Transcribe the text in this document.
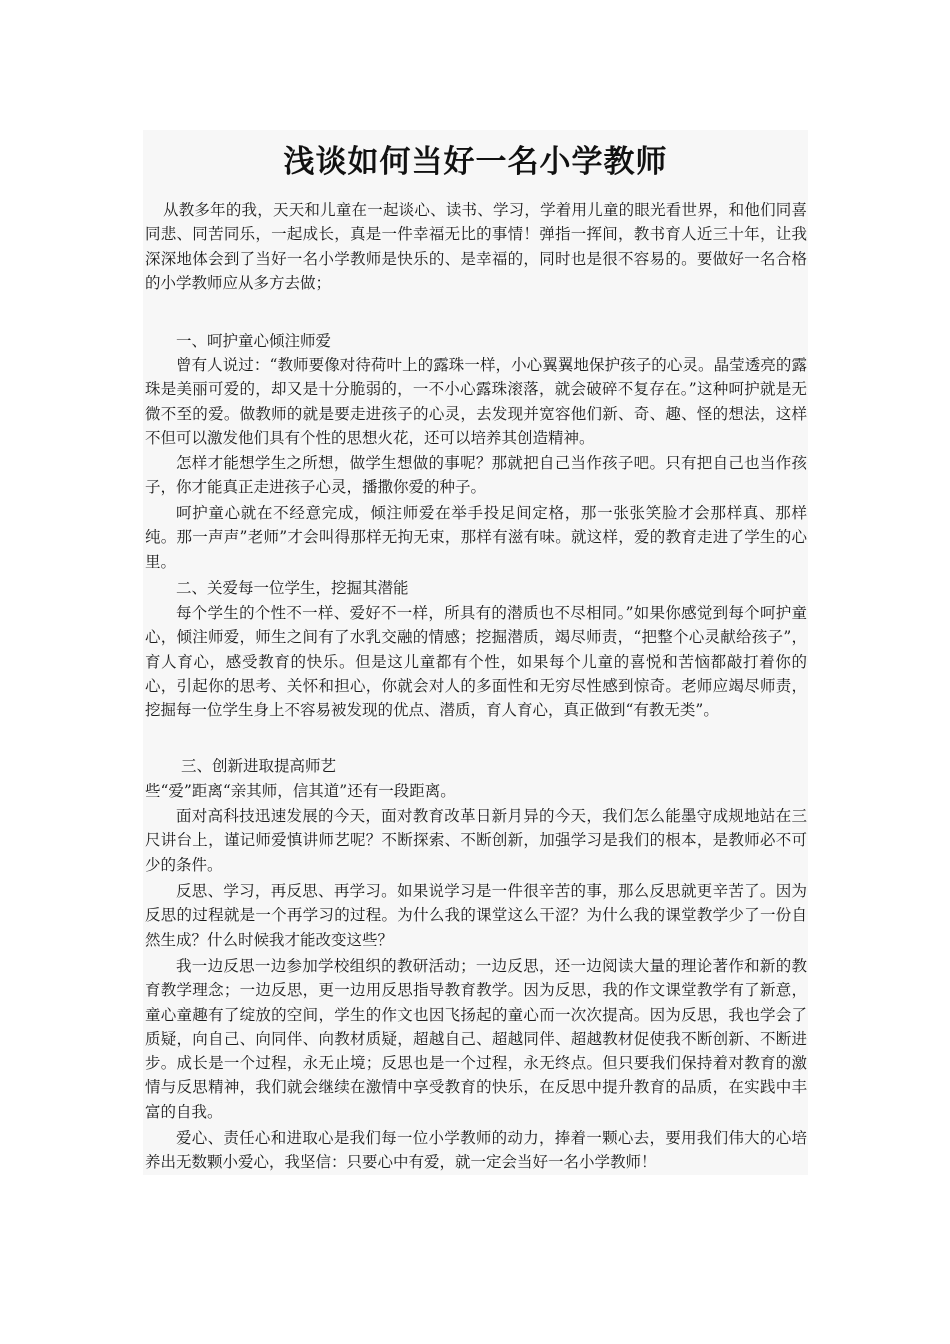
浅谈如何当好一名小学教师

从教多年的我，天天和儿童在一起谈心、读书、学习，学着用儿童的眼光看世界，和他们同喜同悲、同苦同乐，一起成长，真是一件幸福无比的事情！弹指一挥间，教书育人近三十年，让我深深地体会到了当好一名小学教师是快乐的、是幸福的，同时也是很不容易的。要做好一名合格的小学教师应从多方去做；

一、呵护童心倾注师爱

曾有人说过：“教师要像对待荷叶上的露珠一样，小心翼翼地保护孩子的心灵。晶莹透亮的露珠是美丽可爱的，却又是十分脆弱的，一不小心露珠滚落，就会破碎不复存在。”这种呵护就是无微不至的爱。做教师的就是要走进孩子的心灵，去发现并宽容他们新、奇、趣、怪的想法，这样不但可以激发他们具有个性的思想火花，还可以培养其创造精神。

怎样才能想学生之所想，做学生想做的事呢？那就把自己当作孩子吧。只有把自己也当作孩子，你才能真正走进孩子心灵，播撒你爱的种子。

呵护童心就在不经意完成，倾注师爱在举手投足间定格，那一张张笑脸才会那样真、那样纯。那一声声”老师”才会叫得那样无拘无束，那样有滋有味。就这样，爱的教育走进了学生的心里。

二、关爱每一位学生，挖掘其潜能

每个学生的个性不一样、爱好不一样，所具有的潜质也不尽相同。”如果你感觉到每个呵护童心，倾注师爱，师生之间有了水乳交融的情感；挖掘潜质，竭尽师责，“把整个心灵献给孩子”，育人育心，感受教育的快乐。但是这儿童都有个性，如果每个儿童的喜悦和苦恼都敲打着你的心，引起你的思考、关怀和担心，你就会对人的多面性和无穷尽性感到惊奇。老师应竭尽师责，挖掘每一位学生身上不容易被发现的优点、潜质，育人育心，真正做到“有教无类”。

三、创新进取提高师艺

些“爱”距离“亲其师，信其道”还有一段距离。

面对高科技迅速发展的今天，面对教育改革日新月异的今天，我们怎么能墨守成规地站在三尺讲台上，谨记师爱慎讲师艺呢？不断探索、不断创新，加强学习是我们的根本，是教师必不可少的条件。

反思、学习，再反思、再学习。如果说学习是一件很辛苦的事，那么反思就更辛苦了。因为反思的过程就是一个再学习的过程。为什么我的课堂这么干涩？为什么我的课堂教学少了一份自然生成？什么时候我才能改变这些？

我一边反思一边参加学校组织的教研活动；一边反思，还一边阅读大量的理论著作和新的教育教学理念；一边反思，更一边用反思指导教育教学。因为反思，我的作文课堂教学有了新意，童心童趣有了绽放的空间，学生的作文也因飞扬起的童心而一次次提高。因为反思，我也学会了质疑，向自己、向同伴、向教材质疑，超越自己、超越同伴、超越教材促使我不断创新、不断进步。成长是一个过程，永无止境；反思也是一个过程，永无终点。但只要我们保持着对教育的激情与反思精神，我们就会继续在激情中享受教育的快乐，在反思中提升教育的品质，在实践中丰富的自我。

爱心、责任心和进取心是我们每一位小学教师的动力，捧着一颗心去，要用我们伟大的心培养出无数颗小爱心，我坚信：只要心中有爱，就一定会当好一名小学教师！
